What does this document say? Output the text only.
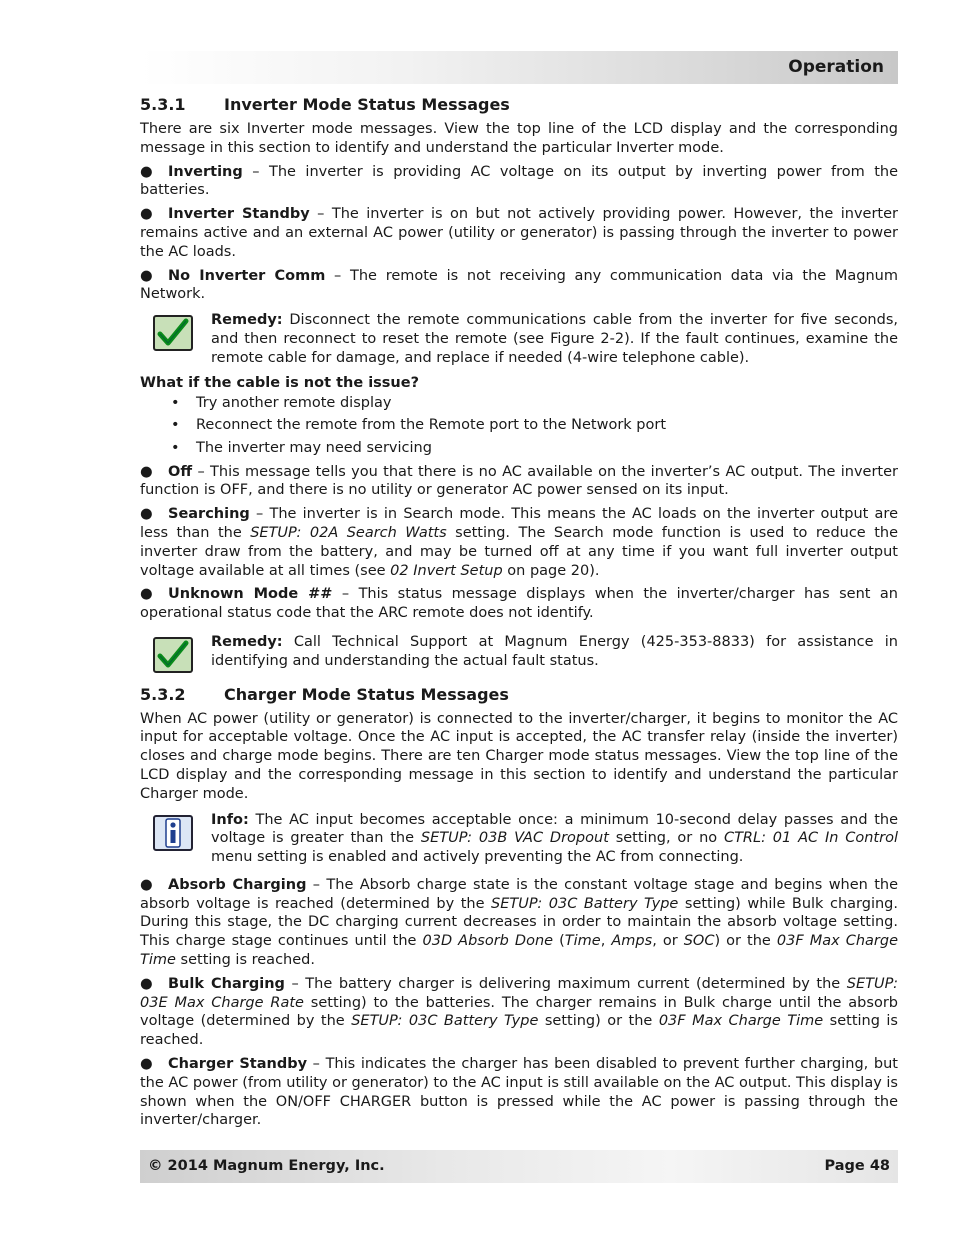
Operation
5.3.1 Inverter Mode Status Messages

There are six Inverter mode messages. View the top line of the LCD display and the corresponding message in this section to identify and understand the particular Inverter mode.

● Inverting – The inverter is providing AC voltage on its output by inverting power from the batteries.

● Inverter Standby – The inverter is on but not actively providing power. However, the inverter remains active and an external AC power (utility or generator) is passing through the inverter to power the AC loads.

● No Inverter Comm – The remote is not receiving any communication data via the Magnum Network.

Remedy: Disconnect the remote communications cable from the inverter for five seconds, and then reconnect to reset the remote (see Figure 2-2). If the fault continues, examine the remote cable for damage, and replace if needed (4-wire telephone cable).

What if the cable is not the issue?
• Try another remote display
• Reconnect the remote from the Remote port to the Network port
• The inverter may need servicing

● Off – This message tells you that there is no AC available on the inverter’s AC output. The inverter function is OFF, and there is no utility or generator AC power sensed on its input.

● Searching – The inverter is in Search mode. This means the AC loads on the inverter output are less than the SETUP: 02A Search Watts setting. The Search mode function is used to reduce the inverter draw from the battery, and may be turned off at any time if you want full inverter output voltage available at all times (see 02 Invert Setup on page 20).

● Unknown Mode ## – This status message displays when the inverter/charger has sent an operational status code that the ARC remote does not identify.

Remedy: Call Technical Support at Magnum Energy (425-353-8833) for assistance in identifying and understanding the actual fault status.

5.3.2 Charger Mode Status Messages

When AC power (utility or generator) is connected to the inverter/charger, it begins to monitor the AC input for acceptable voltage. Once the AC input is accepted, the AC transfer relay (inside the inverter) closes and charge mode begins. There are ten Charger mode status messages. View the top line of the LCD display and the corresponding message in this section to identify and understand the particular Charger mode.

Info: The AC input becomes acceptable once: a minimum 10-second delay passes and the voltage is greater than the SETUP: 03B VAC Dropout setting, or no CTRL: 01 AC In Control menu setting is enabled and actively preventing the AC from connecting.

● Absorb Charging – The Absorb charge state is the constant voltage stage and begins when the absorb voltage is reached (determined by the SETUP: 03C Battery Type setting) while Bulk charging. During this stage, the DC charging current decreases in order to maintain the absorb voltage setting. This charge stage continues until the 03D Absorb Done (Time, Amps, or SOC) or the 03F Max Charge Time setting is reached.

● Bulk Charging – The battery charger is delivering maximum current (determined by the SETUP: 03E Max Charge Rate setting) to the batteries. The charger remains in Bulk charge until the absorb voltage (determined by the SETUP: 03C Battery Type setting) or the 03F Max Charge Time setting is reached.

● Charger Standby – This indicates the charger has been disabled to prevent further charging, but the AC power (from utility or generator) to the AC input is still available on the AC output. This display is shown when the ON/OFF CHARGER button is pressed while the AC power is passing through the inverter/charger.

© 2014 Magnum Energy, Inc.	Page 48
